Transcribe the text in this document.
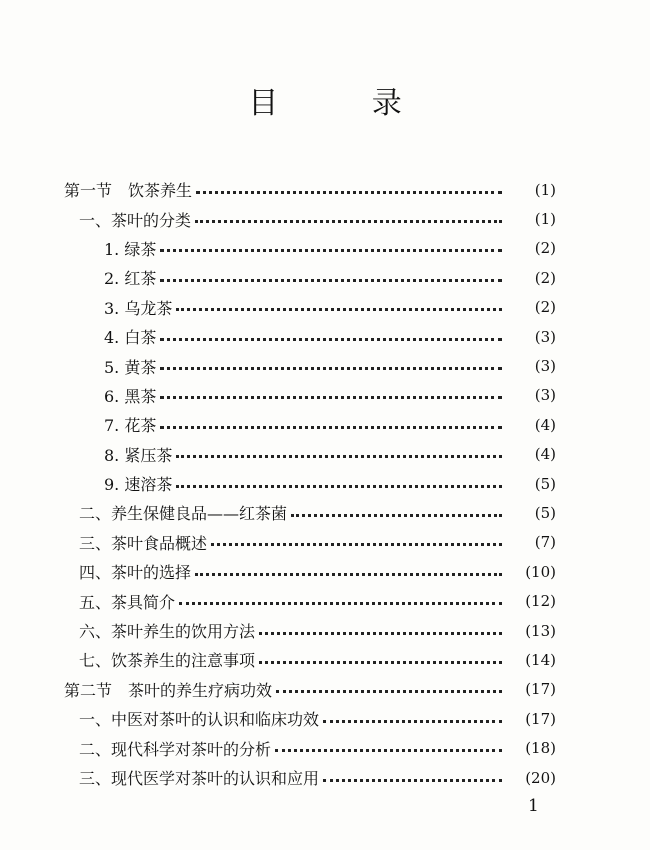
目 录
第一节　饮茶养生	(1)
一、茶叶的分类	(1)
1. 绿茶	(2)
2. 红茶	(2)
3. 乌龙茶	(2)
4. 白茶	(3)
5. 黄茶	(3)
6. 黑茶	(3)
7. 花茶	(4)
8. 紧压茶	(4)
9. 速溶茶	(5)
二、养生保健良品——红茶菌	(5)
三、茶叶食品概述	(7)
四、茶叶的选择	(10)
五、茶具简介	(12)
六、茶叶养生的饮用方法	(13)
七、饮茶养生的注意事项	(14)
第二节　茶叶的养生疗病功效	(17)
一、中医对茶叶的认识和临床功效	(17)
二、现代科学对茶叶的分析	(18)
三、现代医学对茶叶的认识和应用	(20)
1
